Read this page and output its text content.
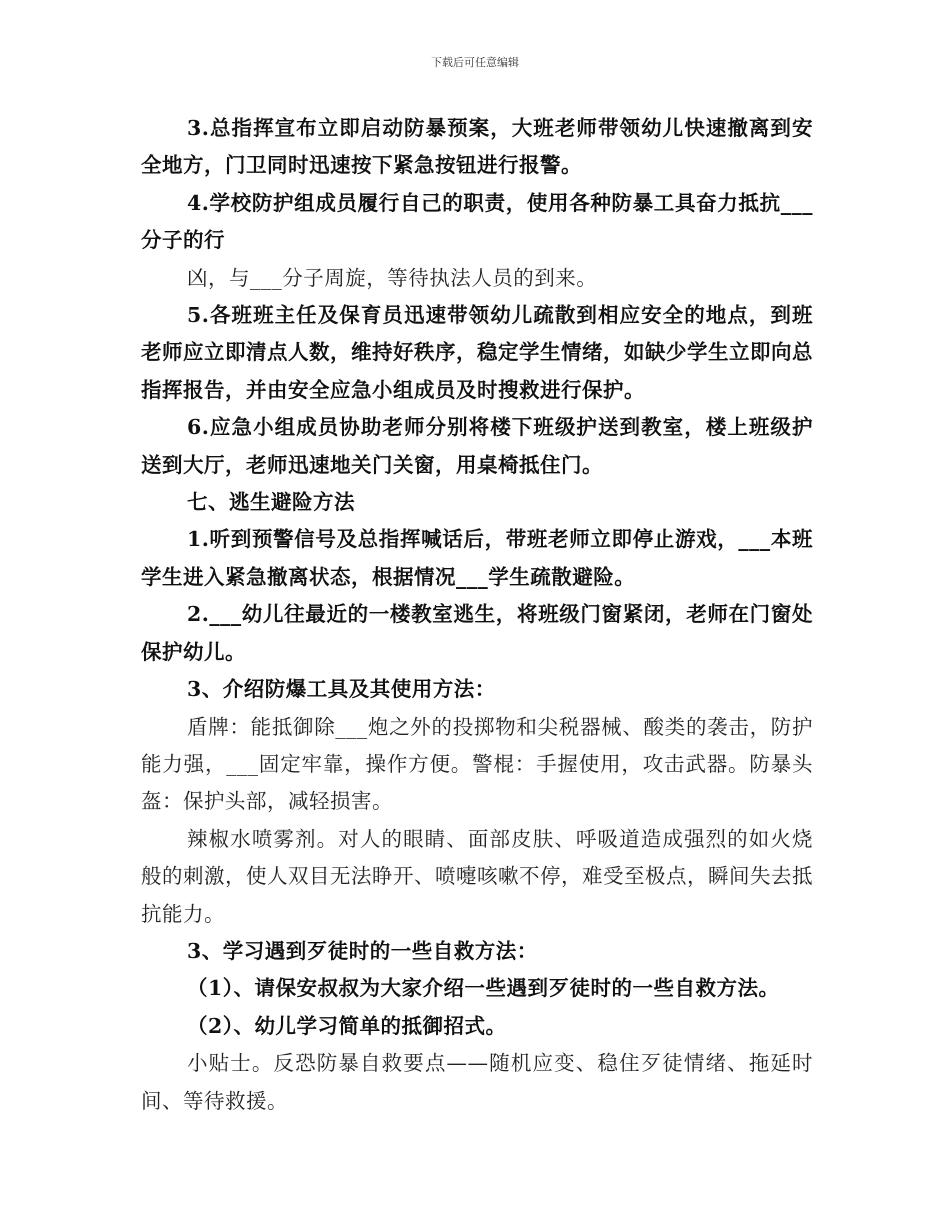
下载后可任意编辑

3.总指挥宣布立即启动防暴预案，大班老师带领幼儿快速撤离到安全地方，门卫同时迅速按下紧急按钮进行报警。

4.学校防护组成员履行自己的职责，使用各种防暴工具奋力抵抗___分子的行

凶，与___分子周旋，等待执法人员的到来。

5.各班班主任及保育员迅速带领幼儿疏散到相应安全的地点，到班老师应立即清点人数，维持好秩序，稳定学生情绪，如缺少学生立即向总指挥报告，并由安全应急小组成员及时搜救进行保护。

6.应急小组成员协助老师分别将楼下班级护送到教室，楼上班级护送到大厅，老师迅速地关门关窗，用桌椅抵住门。

七、逃生避险方法

1.听到预警信号及总指挥喊话后，带班老师立即停止游戏，___本班学生进入紧急撤离状态，根据情况___学生疏散避险。

2.___幼儿往最近的一楼教室逃生，将班级门窗紧闭，老师在门窗处保护幼儿。

3、介绍防爆工具及其使用方法：

盾牌：能抵御除___炮之外的投掷物和尖税器械、酸类的袭击，防护能力强，___固定牢靠，操作方便。警棍：手握使用，攻击武器。防暴头盔：保护头部，减轻损害。

辣椒水喷雾剂。对人的眼睛、面部皮肤、呼吸道造成强烈的如火烧般的刺激，使人双目无法睁开、喷嚏咳嗽不停，难受至极点，瞬间失去抵抗能力。

3、学习遇到歹徒时的一些自救方法：

（1）、请保安叔叔为大家介绍一些遇到歹徒时的一些自救方法。

（2）、幼儿学习简单的抵御招式。

小贴士。反恐防暴自救要点——随机应变、稳住歹徒情绪、拖延时间、等待救援。
